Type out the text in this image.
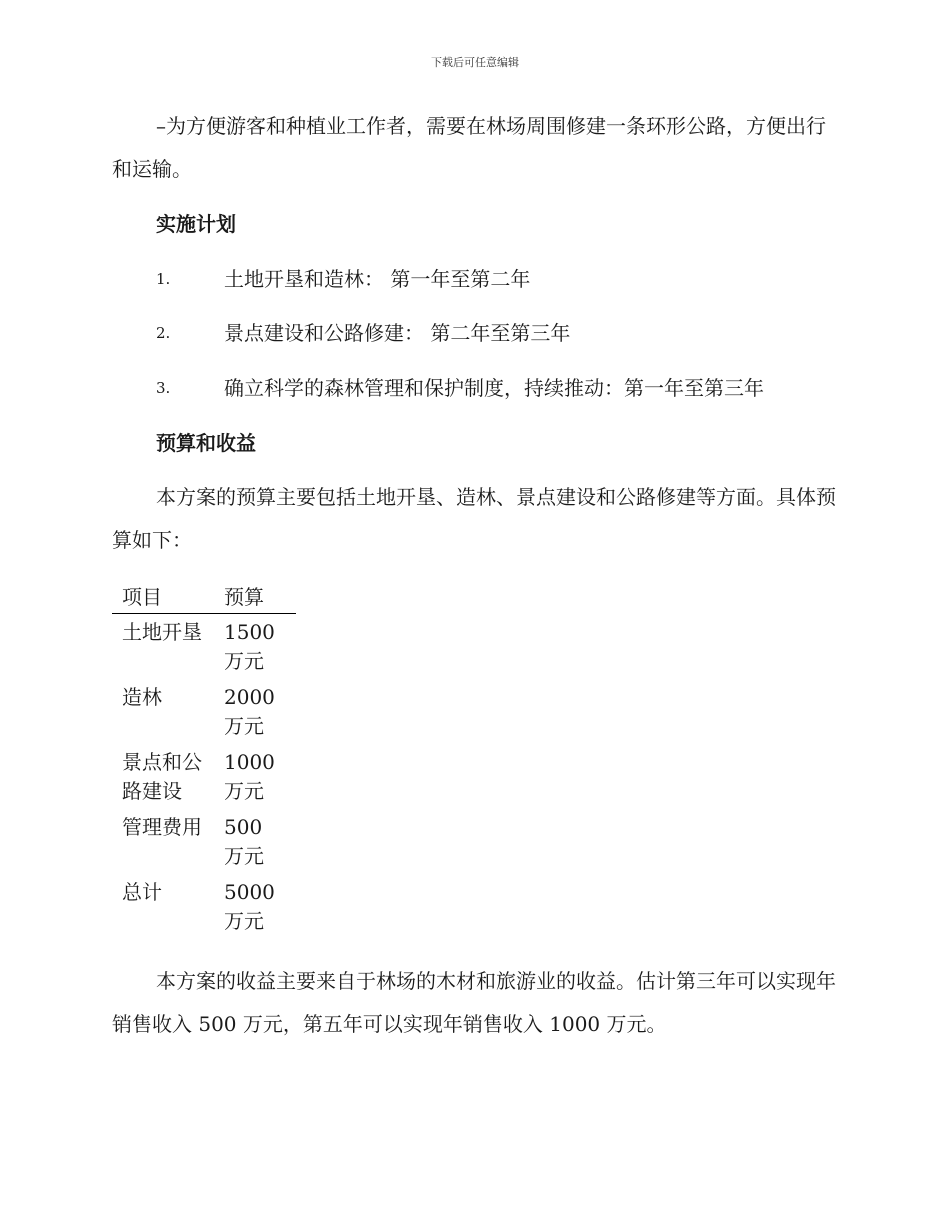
下载后可任意编辑

–为方便游客和种植业工作者，需要在林场周围修建一条环形公路，方便出行和运输。

实施计划
1.	土地开垦和造林： 第一年至第二年
2.	景点建设和公路修建： 第二年至第三年
3.	确立科学的森林管理和保护制度，持续推动：第一年至第三年
预算和收益

本方案的预算主要包括土地开垦、造林、景点建设和公路修建等方面。具体预算如下：

项目	预算
土地开垦	1500 万元
造林	2000 万元
景点和公路建设	1000 万元
管理费用	500 万元
总计	5000 万元

本方案的收益主要来自于林场的木材和旅游业的收益。估计第三年可以实现年销售收入 500 万元，第五年可以实现年销售收入 1000 万元。
